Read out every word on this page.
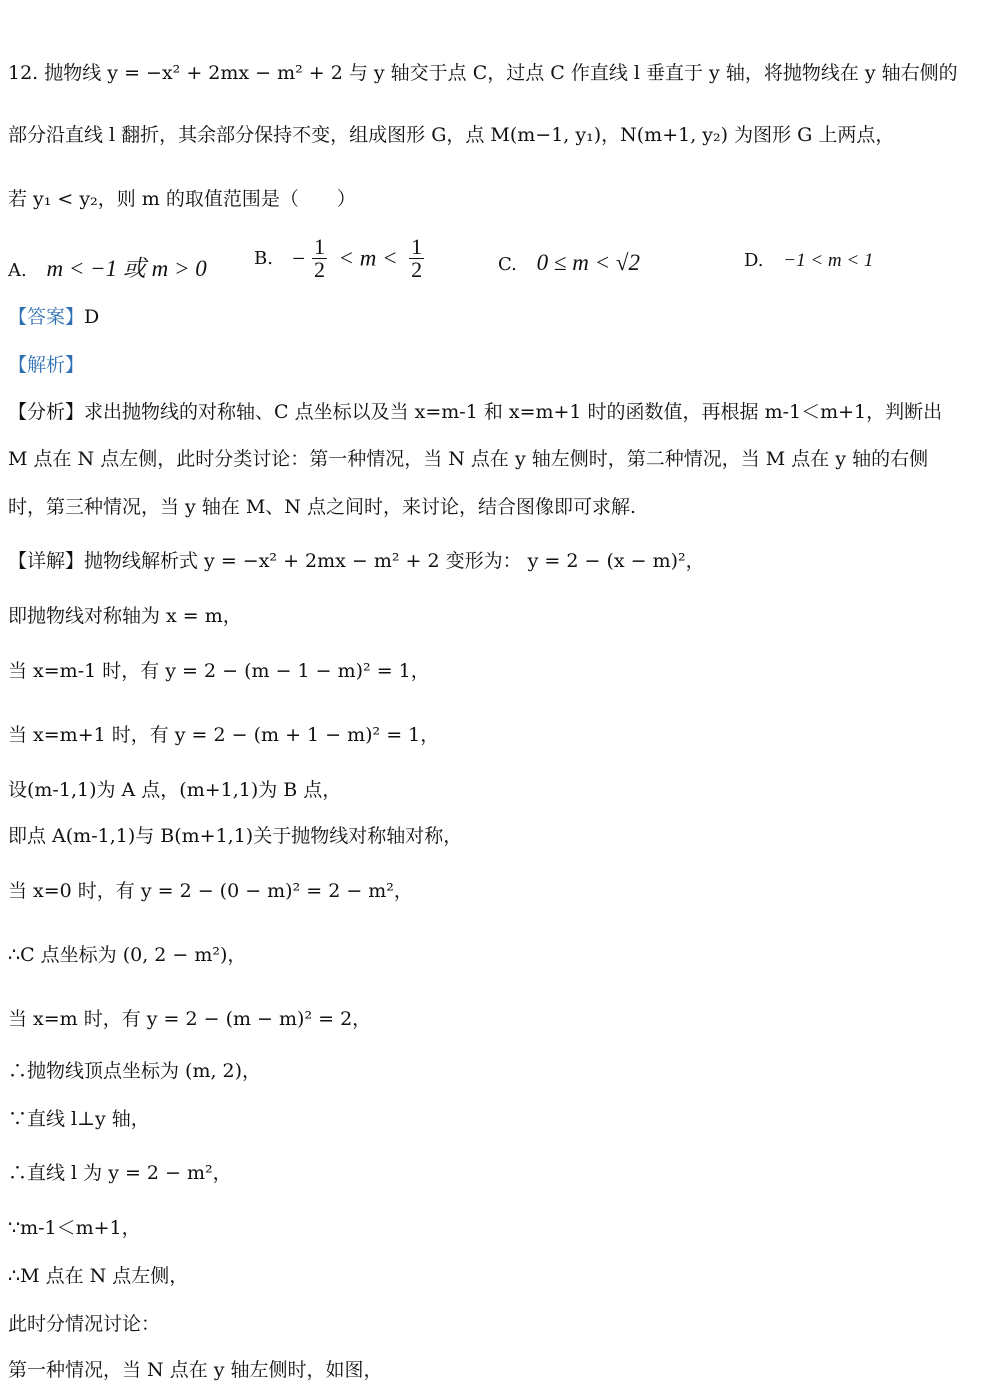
12. 抛物线 y = −x² + 2mx − m² + 2 与 y 轴交于点 C，过点 C 作直线 l 垂直于 y 轴，将抛物线在 y 轴右侧的
部分沿直线 l 翻折，其余部分保持不变，组成图形 G，点 M(m−1, y₁)，N(m+1, y₂) 为图形 G 上两点，
若 y₁ < y₂，则 m 的取值范围是（　　）
A. m < −1 或 m > 0	B. − $\frac{1}{2} < m < \frac{1}{2}$	C. 0 ≤ m < √2	D. −1 < m < 1
【答案】D
【解析】
【分析】求出抛物线的对称轴、C 点坐标以及当 x=m-1 和 x=m+1 时的函数值，再根据 m-1＜m+1，判断出
M 点在 N 点左侧，此时分类讨论：第一种情况，当 N 点在 y 轴左侧时，第二种情况，当 M 点在 y 轴的右侧
时，第三种情况，当 y 轴在 M、N 点之间时，来讨论，结合图像即可求解.
【详解】抛物线解析式 y = −x² + 2mx − m² + 2 变形为： y = 2 − (x − m)²，
即抛物线对称轴为 x = m，
当 x=m-1 时，有 y = 2 − (m − 1 − m)² = 1，
当 x=m+1 时，有 y = 2 − (m + 1 − m)² = 1，
设(m-1,1)为 A 点，(m+1,1)为 B 点，
即点 A(m-1,1)与 B(m+1,1)关于抛物线对称轴对称，
当 x=0 时，有 y = 2 − (0 − m)² = 2 − m²，
∴C 点坐标为 (0, 2 − m²)，
当 x=m 时，有 y = 2 − (m − m)² = 2，
∴抛物线顶点坐标为 (m, 2)，
∵直线 l⊥y 轴，
∴直线 l 为 y = 2 − m²，
∵m-1＜m+1，
∴M 点在 N 点左侧，
此时分情况讨论：
第一种情况，当 N 点在 y 轴左侧时，如图，
